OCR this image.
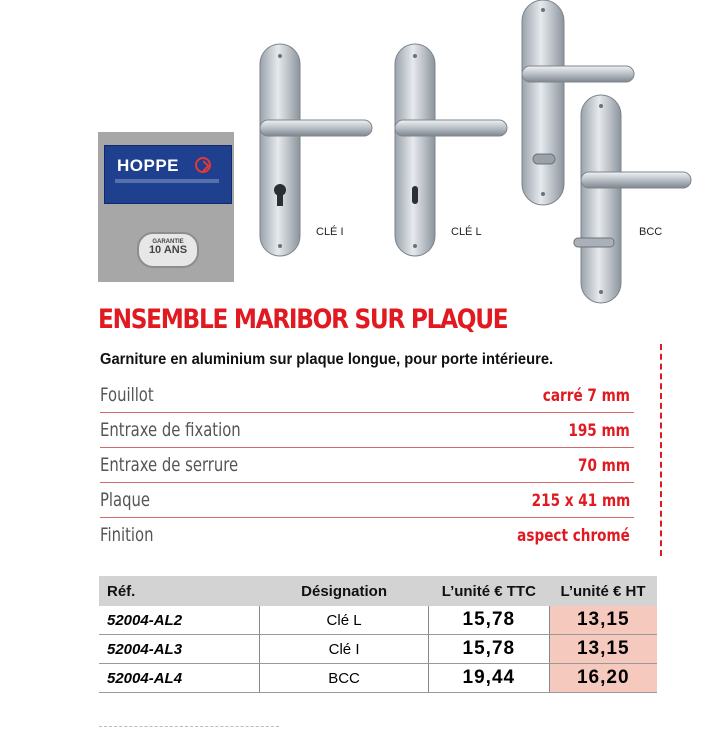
HOPPE
GARANTIE
10 ANS
CLÉ I	CLÉ L	BCC
ENSEMBLE MARIBOR SUR PLAQUE
Garniture en aluminium sur plaque longue, pour porte intérieure.
Fouillot	carré 7 mm
Entraxe de fixation	195 mm
Entraxe de serrure	70 mm
Plaque	215 x 41 mm
Finition	aspect chromé
Réf.	Désignation	L’unité € TTC	L’unité € HT
52004-AL2	Clé L	15,78	13,15
52004-AL3	Clé I	15,78	13,15
52004-AL4	BCC	19,44	16,20
